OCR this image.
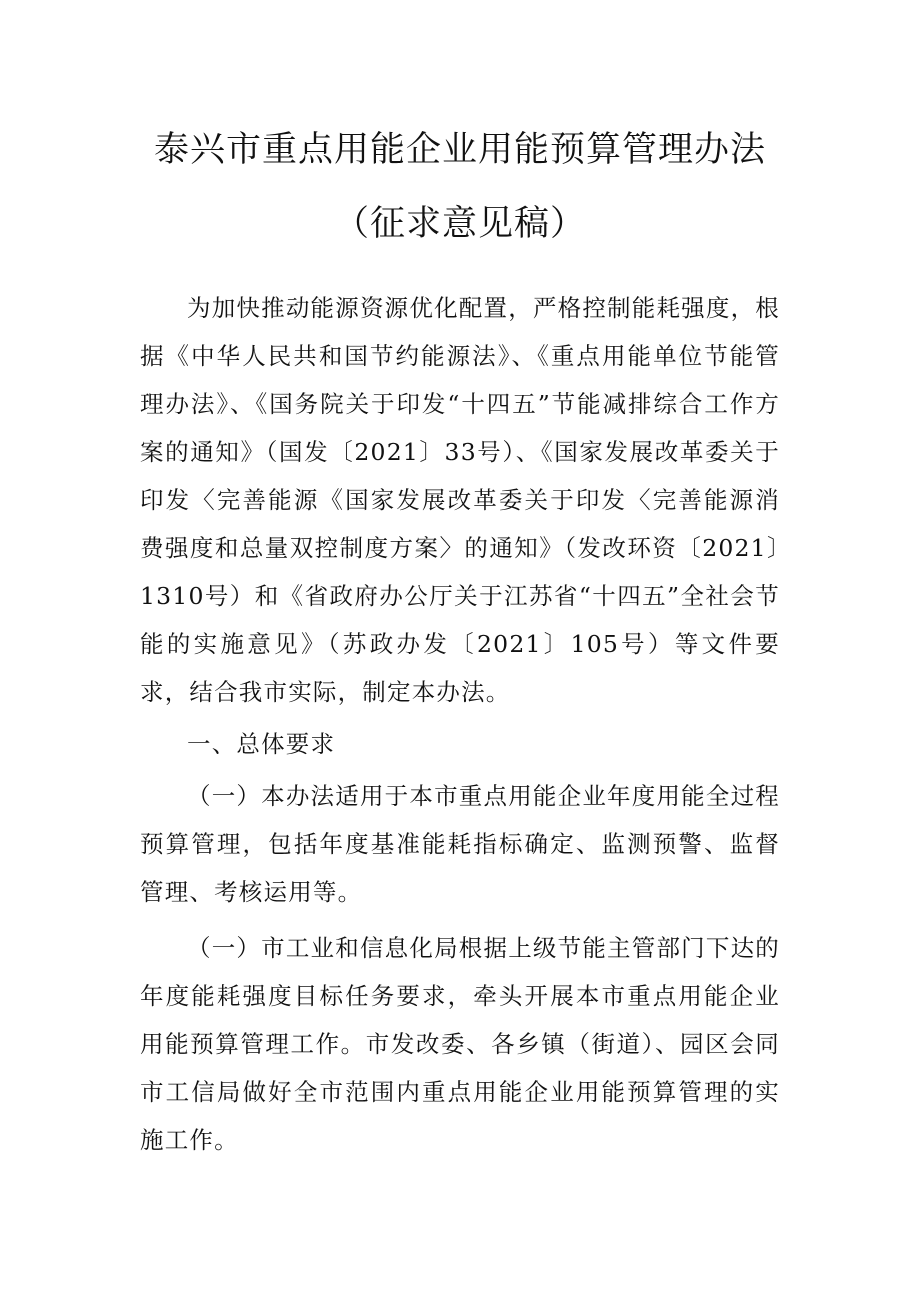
泰兴市重点用能企业用能预算管理办法
（征求意见稿）

为加快推动能源资源优化配置，严格控制能耗强度，根据《中华人民共和国节约能源法》、《重点用能单位节能管理办法》、《国务院关于印发“十四五”节能减排综合工作方案的通知》（国发〔2021〕33号）、《国家发展改革委关于印发〈完善能源《国家发展改革委关于印发〈完善能源消费强度和总量双控制度方案〉的通知》（发改环资〔2021〕1310号）和《省政府办公厅关于江苏省“十四五”全社会节能的实施意见》（苏政办发〔2021〕105号）等文件要求，结合我市实际，制定本办法。

一、总体要求

（一）本办法适用于本市重点用能企业年度用能全过程预算管理，包括年度基准能耗指标确定、监测预警、监督管理、考核运用等。

（一）市工业和信息化局根据上级节能主管部门下达的年度能耗强度目标任务要求，牵头开展本市重点用能企业用能预算管理工作。市发改委、各乡镇（街道）、园区会同市工信局做好全市范围内重点用能企业用能预算管理的实施工作。
